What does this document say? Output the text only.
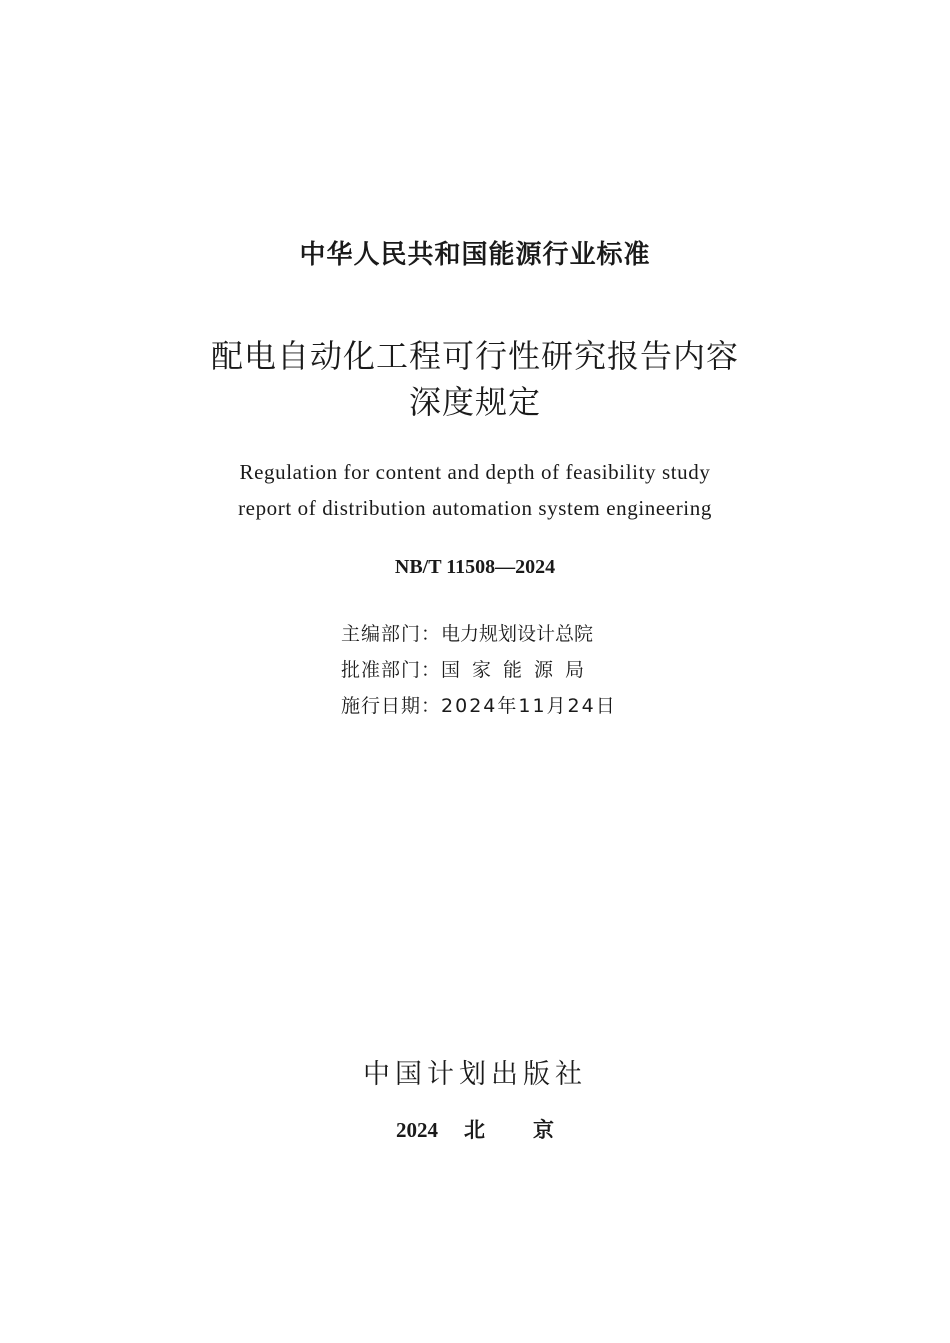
中华人民共和国能源行业标准
配电自动化工程可行性研究报告内容
深度规定
Regulation for content and depth of feasibility study
report of distribution automation system engineering
NB/T 11508—2024
主编部门：电力规划设计总院
批准部门：国家能源局
施行日期：2024年11月24日
中国计划出版社
2024 北京
